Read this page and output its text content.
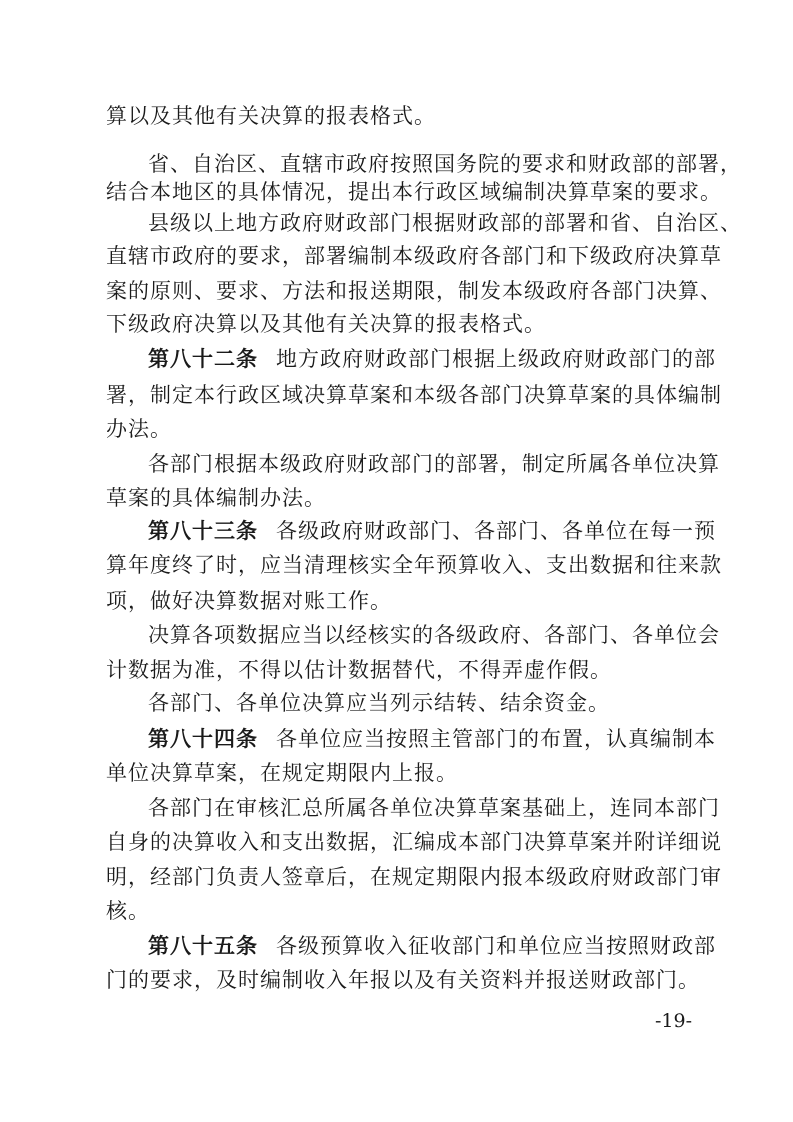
算以及其他有关决算的报表格式。
省、自治区、直辖市政府按照国务院的要求和财政部的部署，
结合本地区的具体情况，提出本行政区域编制决算草案的要求。
县级以上地方政府财政部门根据财政部的部署和省、自治区、
直辖市政府的要求，部署编制本级政府各部门和下级政府决算草
案的原则、要求、方法和报送期限，制发本级政府各部门决算、
下级政府决算以及其他有关决算的报表格式。
第八十二条 地方政府财政部门根据上级政府财政部门的部
署，制定本行政区域决算草案和本级各部门决算草案的具体编制
办法。
各部门根据本级政府财政部门的部署，制定所属各单位决算
草案的具体编制办法。
第八十三条 各级政府财政部门、各部门、各单位在每一预
算年度终了时，应当清理核实全年预算收入、支出数据和往来款
项，做好决算数据对账工作。
决算各项数据应当以经核实的各级政府、各部门、各单位会
计数据为准，不得以估计数据替代，不得弄虚作假。
各部门、各单位决算应当列示结转、结余资金。
第八十四条 各单位应当按照主管部门的布置，认真编制本
单位决算草案，在规定期限内上报。
各部门在审核汇总所属各单位决算草案基础上，连同本部门
自身的决算收入和支出数据，汇编成本部门决算草案并附详细说
明，经部门负责人签章后，在规定期限内报本级政府财政部门审
核。
第八十五条 各级预算收入征收部门和单位应当按照财政部
门的要求，及时编制收入年报以及有关资料并报送财政部门。
-19-
